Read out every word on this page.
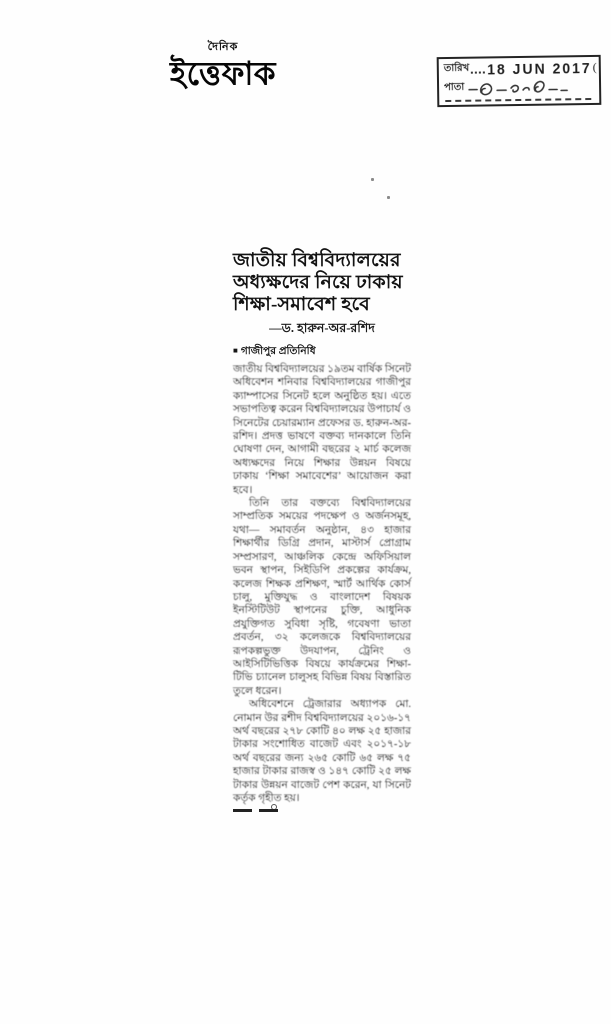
দৈনিক
ইত্তেফাক	তারিখ 18 JUN 2017 (
পাতা
জাতীয় বিশ্ববিদ্যালয়ের
অধ্যক্ষদের নিয়ে ঢাকায়
শিক্ষা-সমাবেশ হবে
—ড. হারুন-অর-রশিদ
■ গাজীপুর প্রতিনিধি

জাতীয় বিশ্ববিদ্যালয়ের ১৯তম বার্ষিক সিনেট অধিবেশন শনিবার বিশ্ববিদ্যালয়ের গাজীপুর ক্যাম্পাসের সিনেট হলে অনুষ্ঠিত হয়। এতে সভাপতিত্ব করেন বিশ্ববিদ্যালয়ের উপাচার্য ও সিনেটের চেয়ারম্যান প্রফেসর ড. হারুন-অর-রশিদ। প্রদত্ত ভাষণে বক্তব্য দানকালে তিনি ঘোষণা দেন, আগামী বছরের ২ মার্চ কলেজ অধ্যক্ষদের নিয়ে শিক্ষার উন্নয়ন বিষয়ে ঢাকায় ‘শিক্ষা সমাবেশের’ আয়োজন করা হবে।

তিনি তার বক্তব্যে বিশ্ববিদ্যালয়ের সাম্প্রতিক সময়ের পদক্ষেপ ও অর্জনসমূহ, যথা— সমাবর্তন অনুষ্ঠান, ৪৩ হাজার শিক্ষার্থীর ডিগ্রি প্রদান, মাস্টার্স প্রোগ্রাম সম্প্রসারণ, আঞ্চলিক কেন্দ্রে অফিসিয়াল ভবন স্থাপন, সিইডিপি প্রকল্পের কার্যক্রম, কলেজ শিক্ষক প্রশিক্ষণ, স্মার্ট আর্থিক কোর্স চালু, মুক্তিযুদ্ধ ও বাংলাদেশ বিষয়ক ইনস্টিটিউট স্থাপনের চুক্তি, আধুনিক প্রযুক্তিগত সুবিধা সৃষ্টি, গবেষণা ভাতা প্রবর্তন, ৩২ কলেজকে বিশ্ববিদ্যালয়ের রূপকল্পভুক্ত উদযাপন, ট্রেনিং ও আইসিটিভিত্তিক বিষয়ে কার্যক্রমের শিক্ষা-টিভি চ্যানেল চালুসহ বিভিন্ন বিষয় বিস্তারিত তুলে ধরেন।

অধিবেশনে ট্রেজারার অধ্যাপক মো. নোমান উর রশীদ বিশ্ববিদ্যালয়ের ২০১৬-১৭ অর্থ বছরের ২৭৮ কোটি ৪০ লক্ষ ২৫ হাজার টাকার সংশোধিত বাজেট এবং ২০১৭-১৮ অর্থ বছরের জন্য ২৬৫ কোটি ৬৫ লক্ষ ৭৫ হাজার টাকার রাজস্ব ও ১৪৭ কোটি ২৫ লক্ষ টাকার উন্নয়ন বাজেট পেশ করেন, যা সিনেট কর্তৃক গৃহীত হয়।
